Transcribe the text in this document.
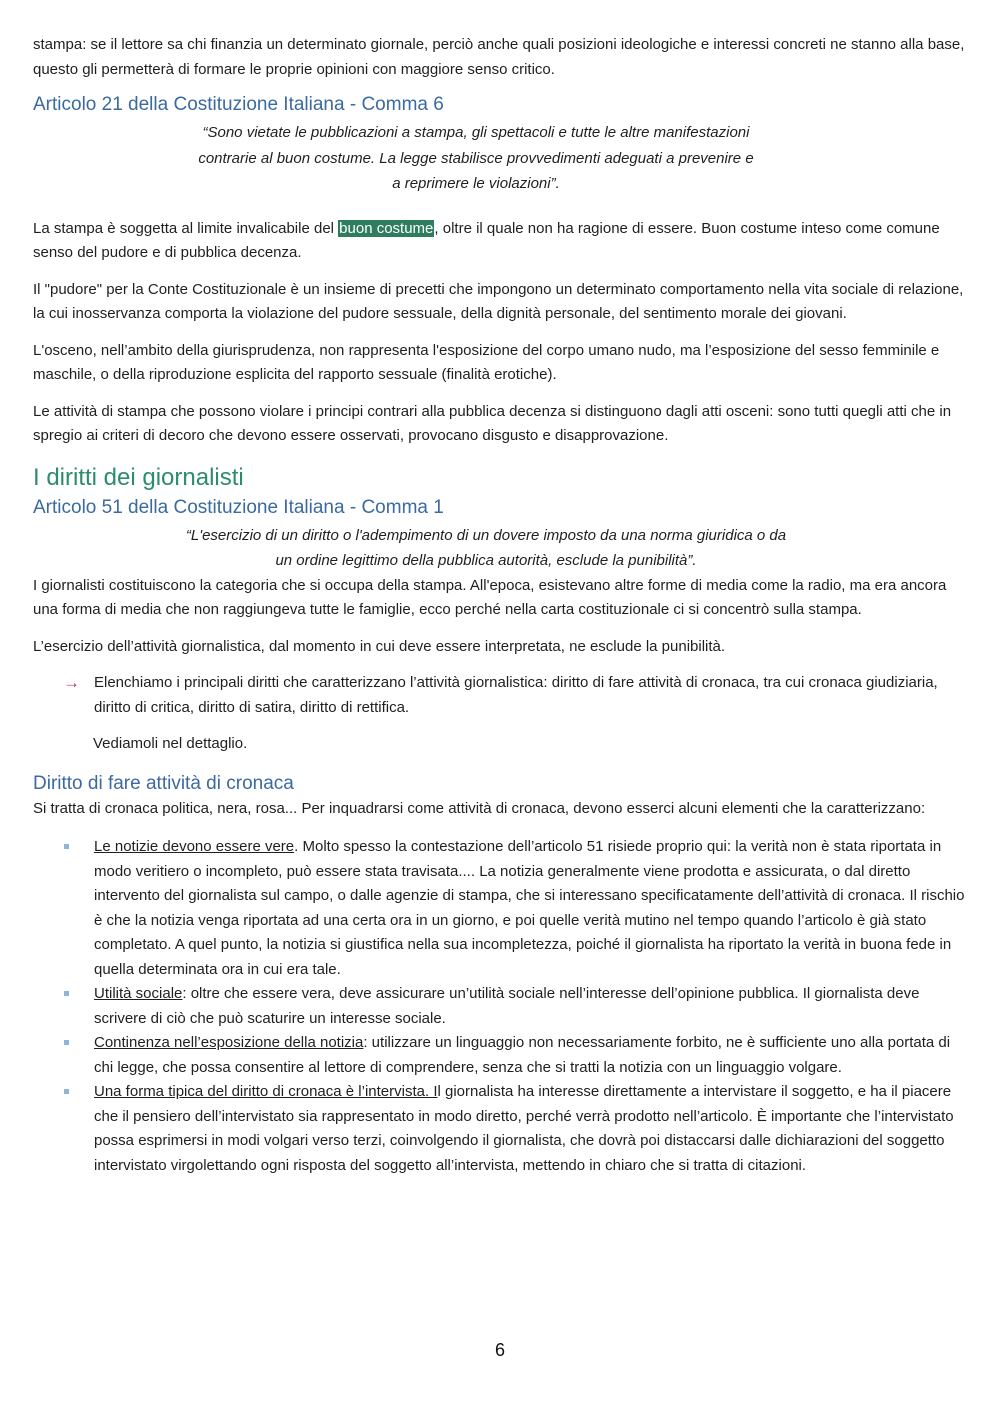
stampa: se il lettore sa chi finanzia un determinato giornale, perciò anche quali posizioni ideologiche e interessi concreti ne stanno alla base, questo gli permetterà di formare le proprie opinioni con maggiore senso critico.

Articolo 21 della Costituzione Italiana - Comma 6

“Sono vietate le pubblicazioni a stampa, gli spettacoli e tutte le altre manifestazioni contrarie al buon costume. La legge stabilisce provvedimenti adeguati a prevenire e a reprimere le violazioni”.

La stampa è soggetta al limite invalicabile del buon costume, oltre il quale non ha ragione di essere. Buon costume inteso come comune senso del pudore e di pubblica decenza.

Il "pudore" per la Conte Costituzionale è un insieme di precetti che impongono un determinato comportamento nella vita sociale di relazione, la cui inosservanza comporta la violazione del pudore sessuale, della dignità personale, del sentimento morale dei giovani.

L'osceno, nell’ambito della giurisprudenza, non rappresenta l'esposizione del corpo umano nudo, ma l’esposizione del sesso femminile e maschile, o della riproduzione esplicita del rapporto sessuale (finalità erotiche).

Le attività di stampa che possono violare i principi contrari alla pubblica decenza si distinguono dagli atti osceni: sono tutti quegli atti che in spregio ai criteri di decoro che devono essere osservati, provocano disgusto e disapprovazione.

I diritti dei giornalisti
Articolo 51 della Costituzione Italiana - Comma 1

“L'esercizio di un diritto o l'adempimento di un dovere imposto da una norma giuridica o da un ordine legittimo della pubblica autorità, esclude la punibilità”.

I giornalisti costituiscono la categoria che si occupa della stampa. All'epoca, esistevano altre forme di media come la radio, ma era ancora una forma di media che non raggiungeva tutte le famiglie, ecco perché nella carta costituzionale ci si concentrò sulla stampa.

L’esercizio dell’attività giornalistica, dal momento in cui deve essere interpretata, ne esclude la punibilità.

→ Elenchiamo i principali diritti che caratterizzano l’attività giornalistica: diritto di fare attività di cronaca, tra cui cronaca giudiziaria, diritto di critica, diritto di satira, diritto di rettifica.

Vediamoli nel dettaglio.

Diritto di fare attività di cronaca

Si tratta di cronaca politica, nera, rosa... Per inquadrarsi come attività di cronaca, devono esserci alcuni elementi che la caratterizzano:

Le notizie devono essere vere. Molto spesso la contestazione dell’articolo 51 risiede proprio qui: la verità non è stata riportata in modo veritiero o incompleto, può essere stata travisata.... La notizia generalmente viene prodotta e assicurata, o dal diretto intervento del giornalista sul campo, o dalle agenzie di stampa, che si interessano specificatamente dell’attività di cronaca. Il rischio è che la notizia venga riportata ad una certa ora in un giorno, e poi quelle verità mutino nel tempo quando l’articolo è già stato completato. A quel punto, la notizia si giustifica nella sua incompletezza, poiché il giornalista ha riportato la verità in buona fede in quella determinata ora in cui era tale.
Utilità sociale: oltre che essere vera, deve assicurare un’utilità sociale nell’interesse dell’opinione pubblica. Il giornalista deve scrivere di ciò che può scaturire un interesse sociale.
Continenza nell’esposizione della notizia: utilizzare un linguaggio non necessariamente forbito, ne è sufficiente uno alla portata di chi legge, che possa consentire al lettore di comprendere, senza che si tratti la notizia con un linguaggio volgare.
Una forma tipica del diritto di cronaca è l’intervista. Il giornalista ha interesse direttamente a intervistare il soggetto, e ha il piacere che il pensiero dell’intervistato sia rappresentato in modo diretto, perché verrà prodotto nell’articolo. È importante che l’intervistato possa esprimersi in modi volgari verso terzi, coinvolgendo il giornalista, che dovrà poi distaccarsi dalle dichiarazioni del soggetto intervistato virgolettando ogni risposta del soggetto all’intervista, mettendo in chiaro che si tratta di citazioni.
6
